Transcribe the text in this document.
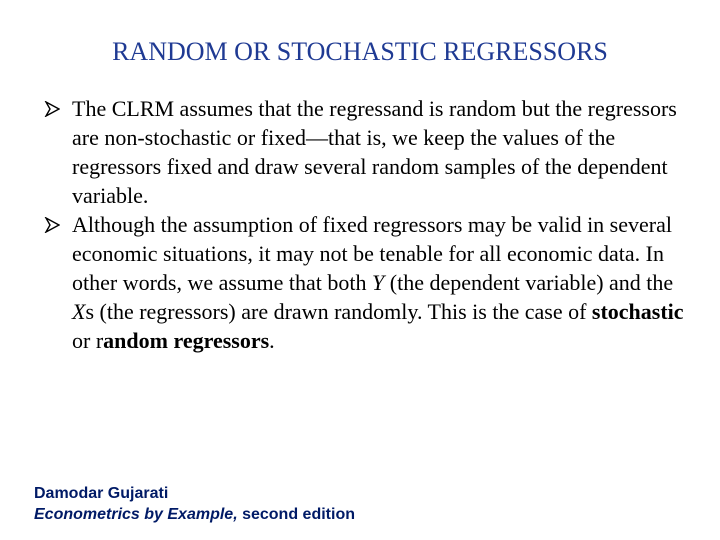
RANDOM OR STOCHASTIC REGRESSORS
The CLRM assumes that the regressand is random but the regressors are non-stochastic or fixed—that is, we keep the values of the regressors fixed and draw several random samples of the dependent variable.
Although the assumption of fixed regressors may be valid in several economic situations, it may not be tenable for all economic data. In other words, we assume that both Y (the dependent variable) and the Xs (the regressors) are drawn randomly. This is the case of stochastic or random regressors.
Damodar Gujarati
Econometrics by Example, second edition
